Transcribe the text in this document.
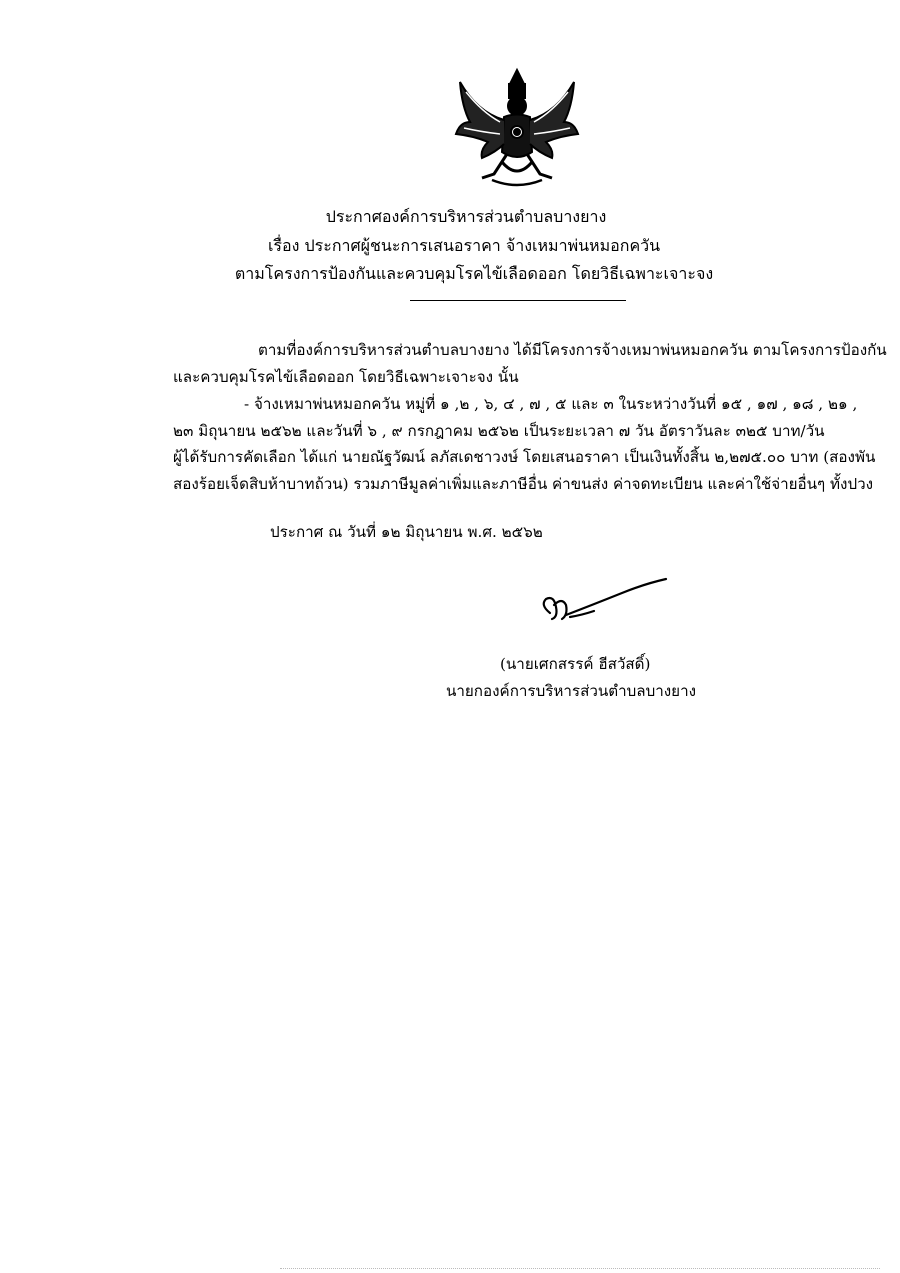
ประกาศองค์การบริหารส่วนตำบลบางยาง
เรื่อง ประกาศผู้ชนะการเสนอราคา จ้างเหมาพ่นหมอกควัน
ตามโครงการป้องกันและควบคุมโรคไข้เลือดออก โดยวิธีเฉพาะเจาะจง
ตามที่องค์การบริหารส่วนตำบลบางยาง ได้มีโครงการจ้างเหมาพ่นหมอกควัน ตามโครงการป้องกัน
และควบคุมโรคไข้เลือดออก โดยวิธีเฉพาะเจาะจง นั้น
- จ้างเหมาพ่นหมอกควัน หมู่ที่ ๑ ,๒ , ๖, ๔ , ๗ , ๕ และ ๓ ในระหว่างวันที่ ๑๕ , ๑๗ , ๑๘ , ๒๑ ,
๒๓ มิถุนายน ๒๕๖๒ และวันที่ ๖ , ๙ กรกฎาคม ๒๕๖๒ เป็นระยะเวลา ๗ วัน อัตราวันละ ๓๒๕ บาท/วัน
ผู้ได้รับการคัดเลือก ได้แก่ นายณัฐวัฒน์ ลภัสเดชาวงษ์ โดยเสนอราคา เป็นเงินทั้งสิ้น ๒,๒๗๕.๐๐ บาท (สองพัน
สองร้อยเจ็ดสิบห้าบาทถ้วน) รวมภาษีมูลค่าเพิ่มและภาษีอื่น ค่าขนส่ง ค่าจดทะเบียน และค่าใช้จ่ายอื่นๆ ทั้งปวง
ประกาศ ณ วันที่ ๑๒ มิถุนายน พ.ศ. ๒๕๖๒
(นายเศกสรรค์ ฮีสวัสดิ์)
นายกองค์การบริหารส่วนตำบลบางยาง
